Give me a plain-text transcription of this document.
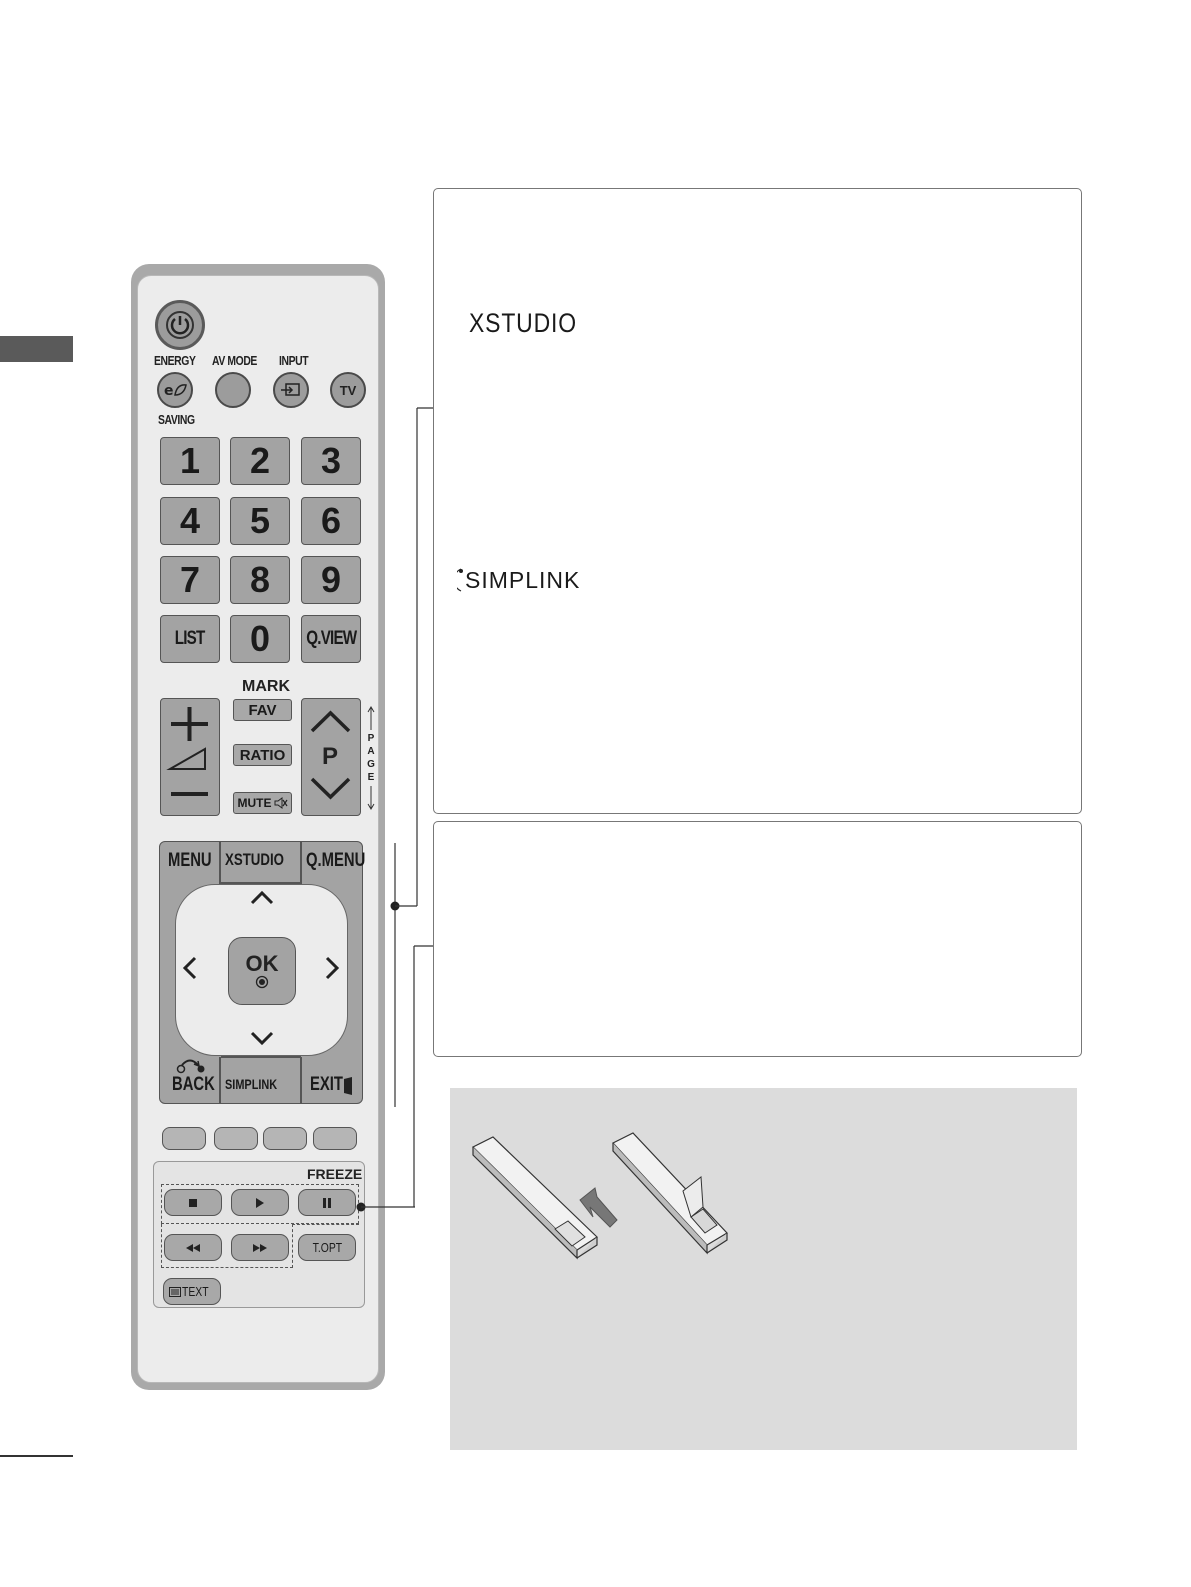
ENERGY AV MODE INPUT
SAVING
e	TV
1	2	3
4	5	6
7	8	9
LIST	0	Q.VIEW
MARK
FAV
RATIO
MUTE
P
P
A
G
E
MENU XSTUDIO	Q.MENU
OK
BACK SIMPLINK	EXIT
FREEZE
T.OPT
TEXT
XSTUDIO
SIMPLINK
